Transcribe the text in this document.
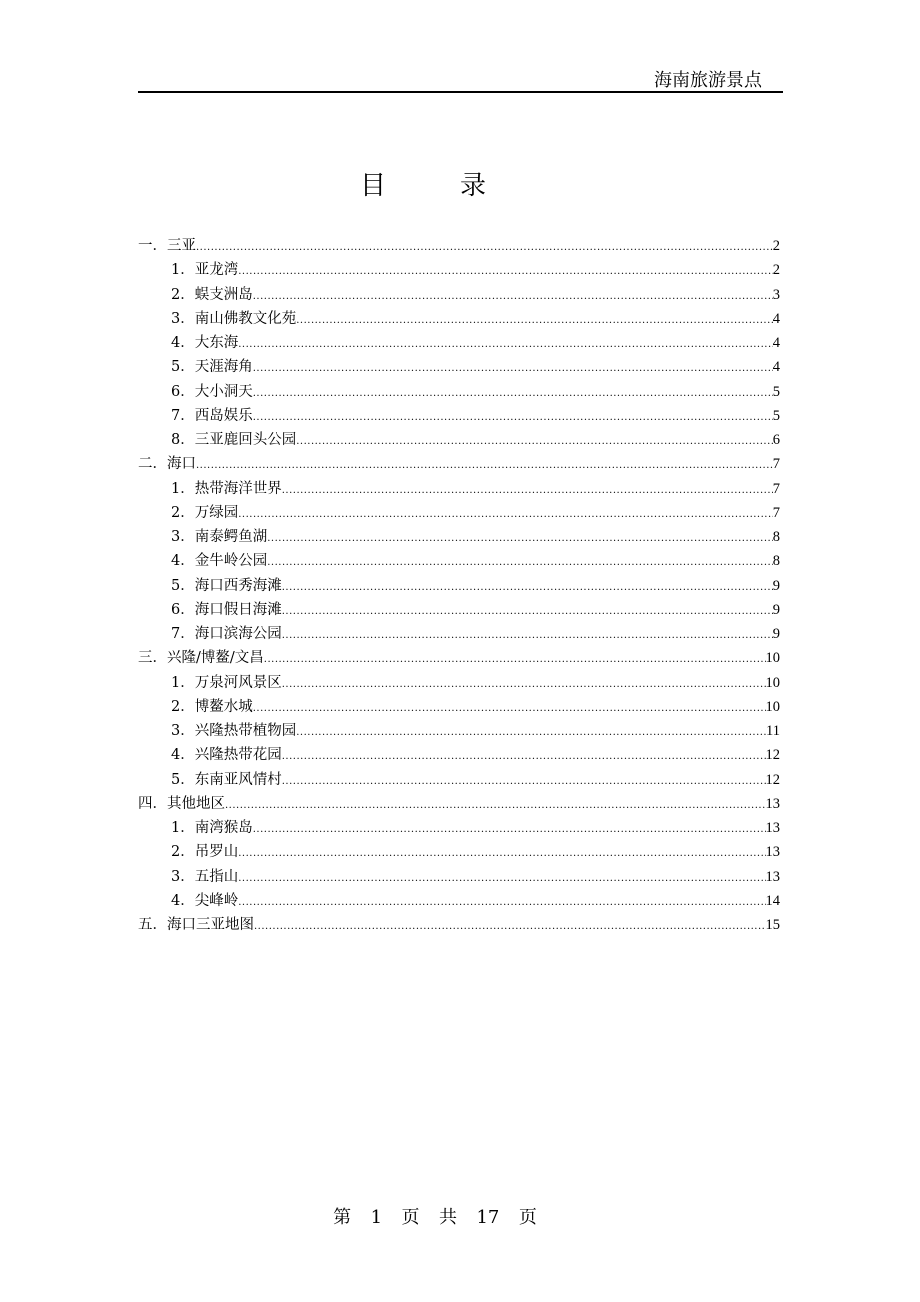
海南旅游景点
目	录
一． 三亚 .....	2
1． 亚龙湾 .....	2
2． 蜈支洲岛 .....	3
3． 南山佛教文化苑 .....	4
4． 大东海 .....	4
5． 天涯海角 .....	4
6． 大小洞天 .....	5
7． 西岛娱乐 .....	5
8． 三亚鹿回头公园 .....	6
二． 海口 .....	7
1． 热带海洋世界 .....	7
2． 万绿园 .....	7
3． 南泰鳄鱼湖 .....	8
4． 金牛岭公园 .....	8
5． 海口西秀海滩 .....	9
6． 海口假日海滩 .....	9
7． 海口滨海公园 .....	9
三． 兴隆/博鳌/文昌 .....	10
1． 万泉河风景区 .....	10
2． 博鳌水城 .....	10
3． 兴隆热带植物园 .....	11
4． 兴隆热带花园 .....	12
5． 东南亚风情村 .....	12
四． 其他地区 .....	13
1． 南湾猴岛 .....	13
2． 吊罗山 .....	13
3． 五指山 .....	13
4． 尖峰岭 .....	14
五． 海口三亚地图 .....	15
第 1 页 共 17 页
